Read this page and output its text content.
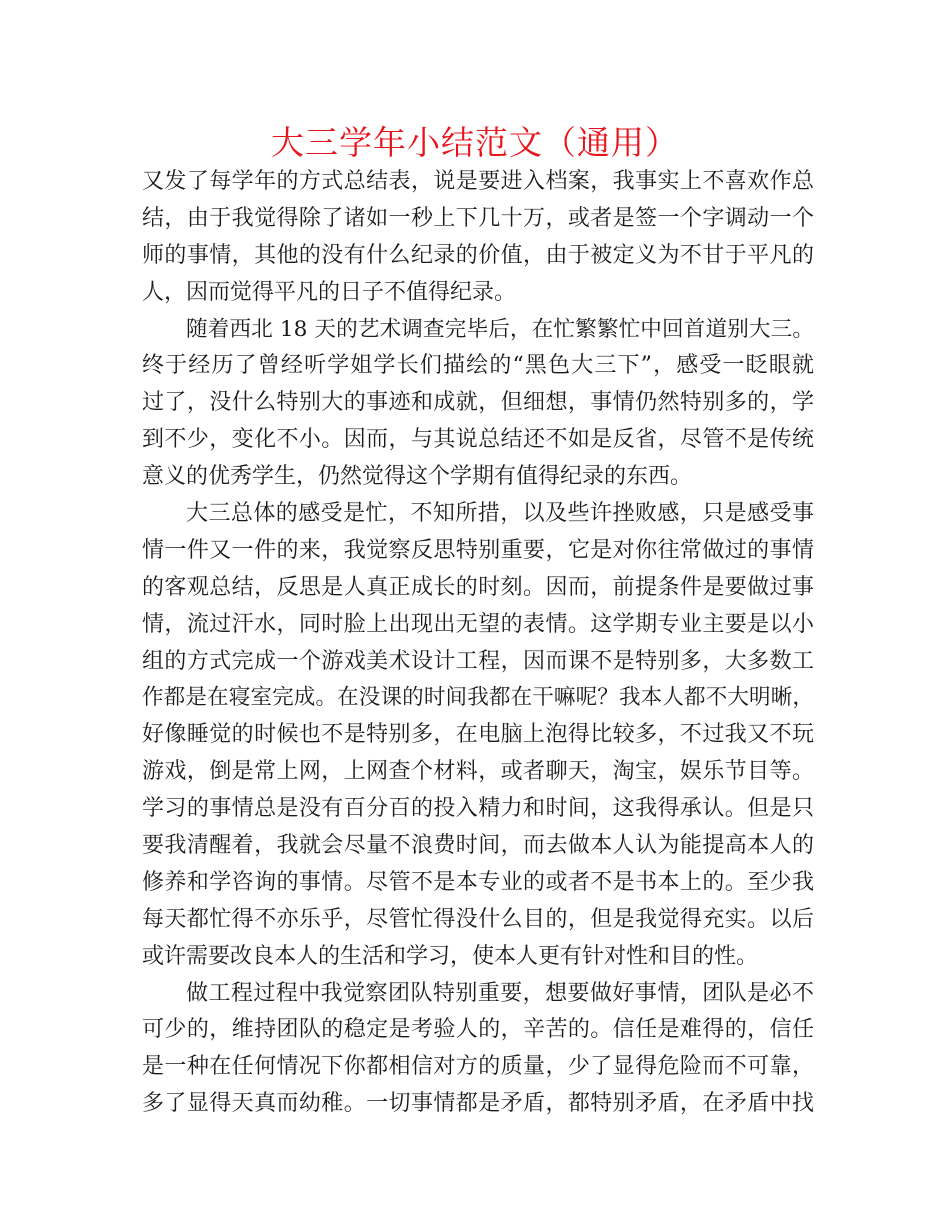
大三学年小结范文（通用）
又发了每学年的方式总结表，说是要进入档案，我事实上不喜欢作总
结，由于我觉得除了诸如一秒上下几十万，或者是签一个字调动一个
师的事情，其他的没有什么纪录的价值，由于被定义为不甘于平凡的
人，因而觉得平凡的日子不值得纪录。
随着西北 18 天的艺术调查完毕后，在忙繁繁忙中回首道别大三。
终于经历了曾经听学姐学长们描绘的“黑色大三下”，感受一眨眼就
过了，没什么特别大的事迹和成就，但细想，事情仍然特别多的，学
到不少，变化不小。因而，与其说总结还不如是反省，尽管不是传统
意义的优秀学生，仍然觉得这个学期有值得纪录的东西。
大三总体的感受是忙，不知所措，以及些许挫败感，只是感受事
情一件又一件的来，我觉察反思特别重要，它是对你往常做过的事情
的客观总结，反思是人真正成长的时刻。因而，前提条件是要做过事
情，流过汗水，同时脸上出现出无望的表情。这学期专业主要是以小
组的方式完成一个游戏美术设计工程，因而课不是特别多，大多数工
作都是在寝室完成。在没课的时间我都在干嘛呢？我本人都不大明晰，
好像睡觉的时候也不是特别多，在电脑上泡得比较多，不过我又不玩
游戏，倒是常上网，上网查个材料，或者聊天，淘宝，娱乐节目等。
学习的事情总是没有百分百的投入精力和时间，这我得承认。但是只
要我清醒着，我就会尽量不浪费时间，而去做本人认为能提高本人的
修养和学咨询的事情。尽管不是本专业的或者不是书本上的。至少我
每天都忙得不亦乐乎，尽管忙得没什么目的，但是我觉得充实。以后
或许需要改良本人的生活和学习，使本人更有针对性和目的性。
做工程过程中我觉察团队特别重要，想要做好事情，团队是必不
可少的，维持团队的稳定是考验人的，辛苦的。信任是难得的，信任
是一种在任何情况下你都相信对方的质量，少了显得危险而不可靠，
多了显得天真而幼稚。一切事情都是矛盾，都特别矛盾，在矛盾中找
